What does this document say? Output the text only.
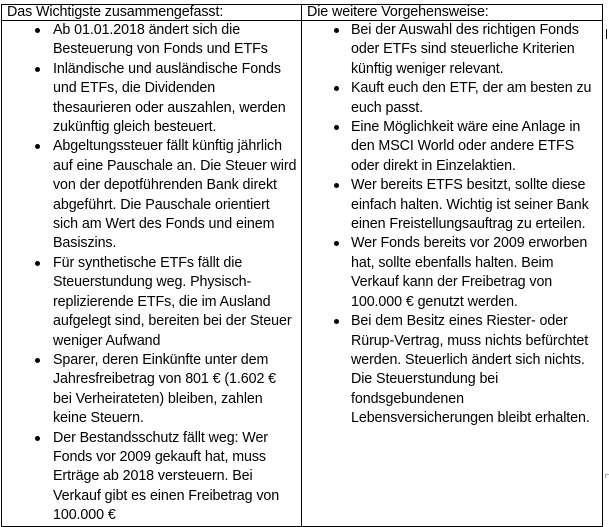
Das Wichtigste zusammengefasst:	Die weitere Vorgehensweise:

Ab 01.01.2018 ändert sich die Besteuerung von Fonds und ETFs
Inländische und ausländische Fonds und ETFs, die Dividenden thesaurieren oder auszahlen, werden zukünftig gleich besteuert.
Abgeltungssteuer fällt künftig jährlich auf eine Pauschale an. Die Steuer wird von der depotführenden Bank direkt abgeführt. Die Pauschale orientiert sich am Wert des Fonds und einem Basiszins.
Für synthetische ETFs fällt die Steuerstundung weg. Physisch-replizierende ETFs, die im Ausland aufgelegt sind, bereiten bei der Steuer weniger Aufwand
Sparer, deren Einkünfte unter dem Jahresfreibetrag von 801 € (1.602 € bei Verheirateten) bleiben, zahlen keine Steuern.
Der Bestandsschutz fällt weg: Wer Fonds vor 2009 gekauft hat, muss Erträge ab 2018 versteuern. Bei Verkauf gibt es einen Freibetrag von 100.000 €

Bei der Auswahl des richtigen Fonds oder ETFs sind steuerliche Kriterien künftig weniger relevant.
Kauft euch den ETF, der am besten zu euch passt.
Eine Möglichkeit wäre eine Anlage in den MSCI World oder andere ETFS oder direkt in Einzelaktien.
Wer bereits ETFS besitzt, sollte diese einfach halten. Wichtig ist seiner Bank einen Freistellungsauftrag zu erteilen.
Wer Fonds bereits vor 2009 erworben hat, sollte ebenfalls halten. Beim Verkauf kann der Freibetrag von 100.000 € genutzt werden.
Bei dem Besitz eines Riester- oder Rürup-Vertrag, muss nichts befürchtet werden. Steuerlich ändert sich nichts. Die Steuerstundung bei fondsgebundenen Lebensversicherungen bleibt erhalten.
